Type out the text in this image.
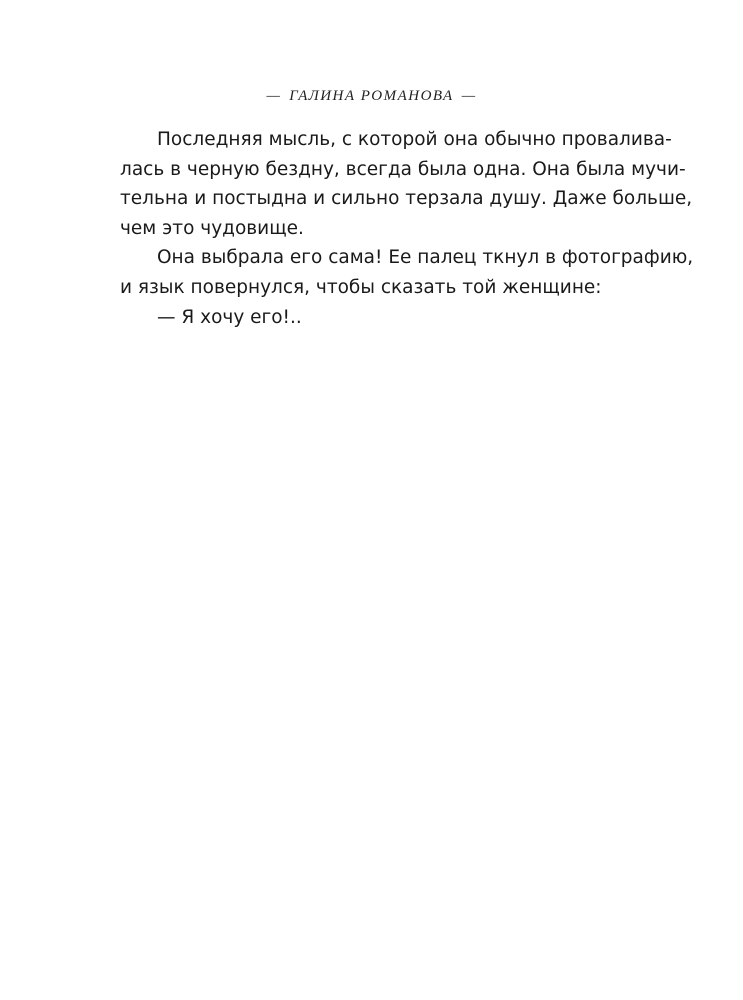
— ГАЛИНА РОМАНОВА —
Последняя мысль, с которой она обычно проваливa-
лась в черную бездну, всегда была одна. Она была мучи-
тельна и постыдна и сильно терзала душу. Даже больше,
чем это чудовище.
Она выбрала его сама! Ее палец ткнул в фотографию,
и язык повернулся, чтобы сказать той женщине:
— Я хочу его!..
